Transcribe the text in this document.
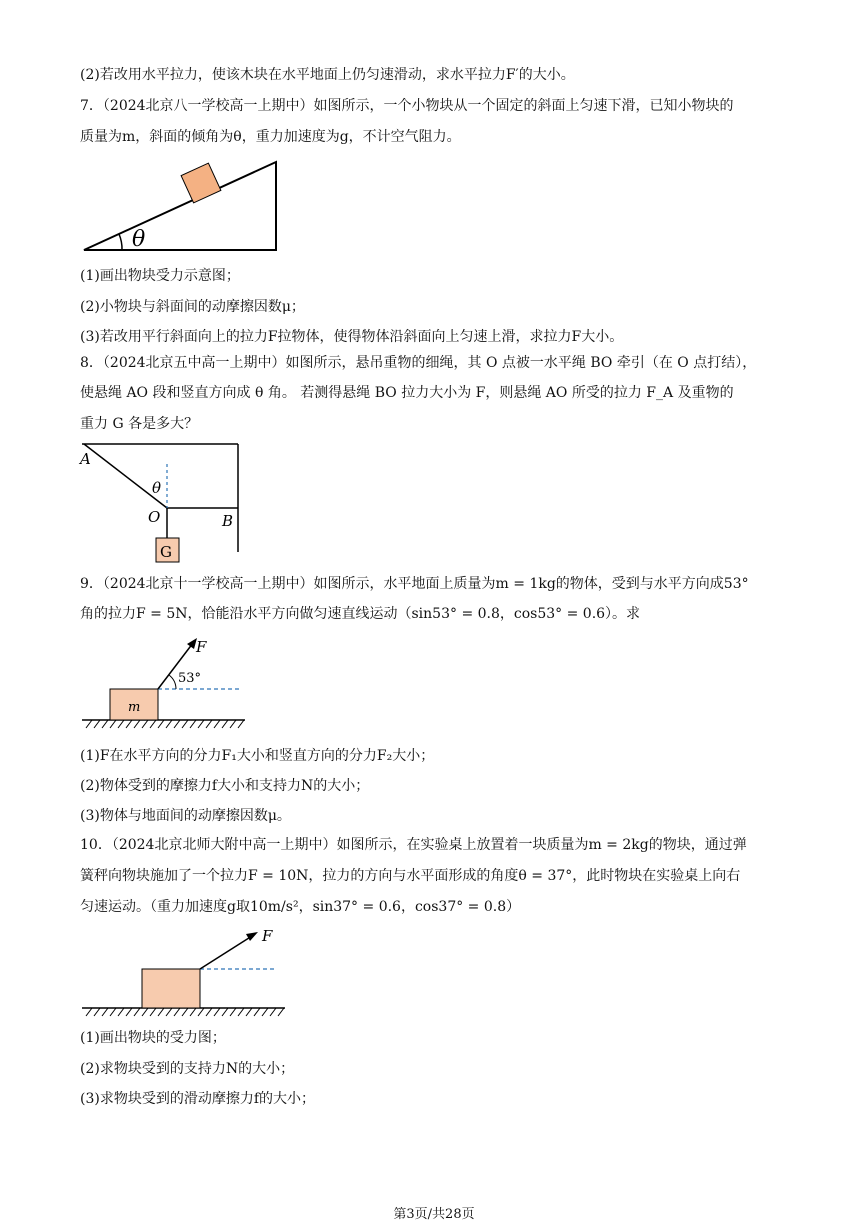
(2)若改用水平拉力，使该木块在水平地面上仍匀速滑动，求水平拉力F′的大小。
7．（2024北京八一学校高一上期中）如图所示，一个小物块从一个固定的斜面上匀速下滑，已知小物块的
质量为m，斜面的倾角为θ，重力加速度为g，不计空气阻力。
θ
(1)画出物块受力示意图；
(2)小物块与斜面间的动摩擦因数μ；
(3)若改用平行斜面向上的拉力F拉物体，使得物体沿斜面向上匀速上滑，求拉力F大小。
8．（2024北京五中高一上期中）如图所示，悬吊重物的细绳，其 O 点被一水平绳 BO 牵引（在 O 点打结），
使悬绳 AO 段和竖直方向成 θ 角。 若测得悬绳 BO 拉力大小为 F，则悬绳 AO 所受的拉力 F_A 及重物的
重力 G 各是多大？
A
θ
O	B
G
9．（2024北京十一学校高一上期中）如图所示，水平地面上质量为m = 1kg的物体，受到与水平方向成53°
角的拉力F = 5N，恰能沿水平方向做匀速直线运动（sin53° = 0.8，cos53° = 0.6）。求
F
53°
m
(1)F在水平方向的分力F₁大小和竖直方向的分力F₂大小；
(2)物体受到的摩擦力f大小和支持力N的大小；
(3)物体与地面间的动摩擦因数μ。
10．（2024北京北师大附中高一上期中）如图所示，在实验桌上放置着一块质量为m = 2kg的物块，通过弹
簧秤向物块施加了一个拉力F = 10N，拉力的方向与水平面形成的角度θ = 37°，此时物块在实验桌上向右
匀速运动。（重力加速度g取10m/s²，sin37° = 0.6，cos37° = 0.8）
F
(1)画出物块的受力图；
(2)求物块受到的支持力N的大小；
(3)求物块受到的滑动摩擦力f的大小；
第3页/共28页
